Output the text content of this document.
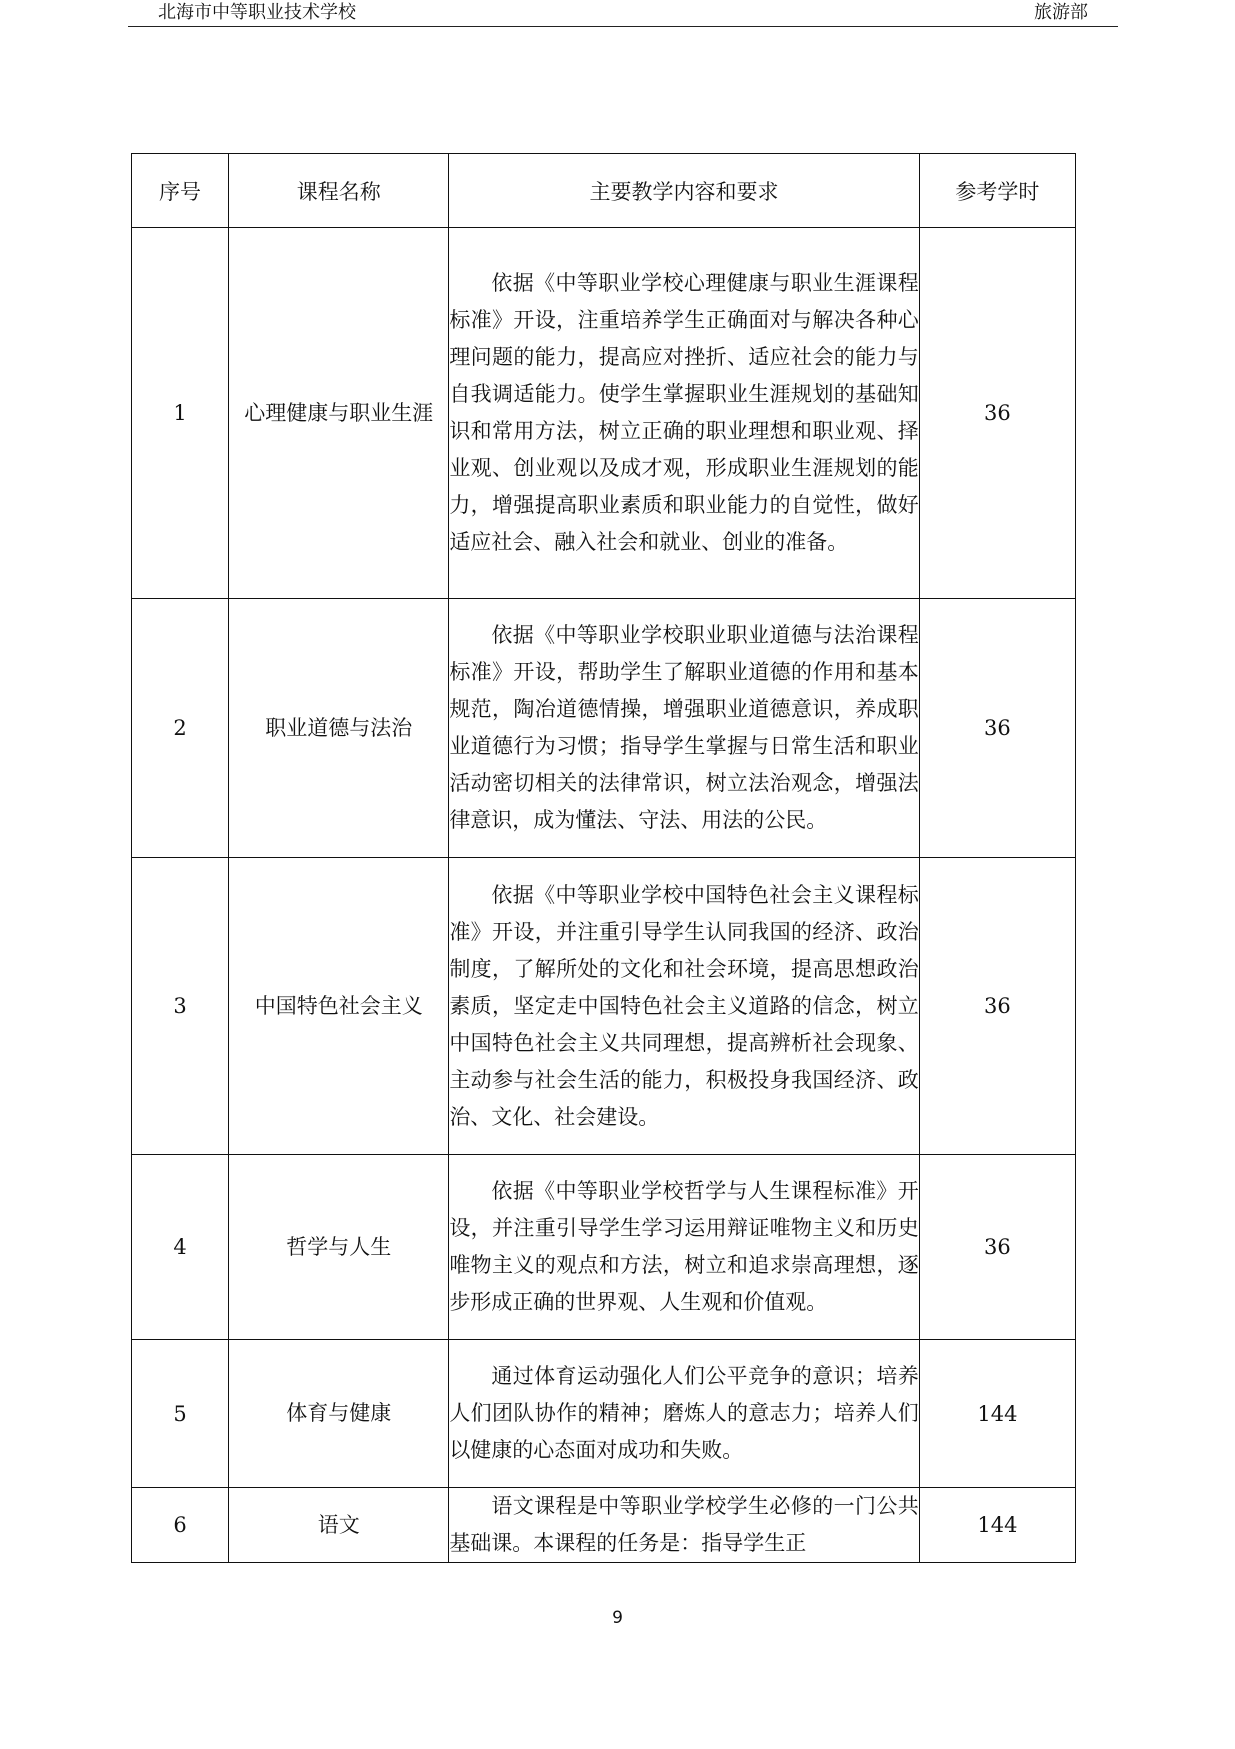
北海市中等职业技术学校	旅游部
序号	课程名称	主要教学内容和要求	参考学时
1	心理健康与职业生涯	依据《中等职业学校心理健康与职业生涯课程标准》开设，注重培养学生正确面对与解决各种心理问题的能力，提高应对挫折、适应社会的能力与自我调适能力。使学生掌握职业生涯规划的基础知识和常用方法，树立正确的职业理想和职业观、择业观、创业观以及成才观，形成职业生涯规划的能力，增强提高职业素质和职业能力的自觉性，做好适应社会、融入社会和就业、创业的准备。	36
2	职业道德与法治	依据《中等职业学校职业职业道德与法治课程标准》开设，帮助学生了解职业道德的作用和基本规范，陶冶道德情操，增强职业道德意识，养成职业道德行为习惯；指导学生掌握与日常生活和职业活动密切相关的法律常识，树立法治观念，增强法律意识，成为懂法、守法、用法的公民。	36
3	中国特色社会主义	依据《中等职业学校中国特色社会主义课程标准》开设，并注重引导学生认同我国的经济、政治制度，了解所处的文化和社会环境，提高思想政治素质，坚定走中国特色社会主义道路的信念，树立中国特色社会主义共同理想，提高辨析社会现象、主动参与社会生活的能力，积极投身我国经济、政治、文化、社会建设。	36
4	哲学与人生	依据《中等职业学校哲学与人生课程标准》开设，并注重引导学生学习运用辩证唯物主义和历史唯物主义的观点和方法，树立和追求崇高理想，逐步形成正确的世界观、人生观和价值观。	36
5	体育与健康	通过体育运动强化人们公平竞争的意识；培养人们团队协作的精神；磨炼人的意志力；培养人们以健康的心态面对成功和失败。	144
6	语文	语文课程是中等职业学校学生必修的一门公共基础课。本课程的任务是：指导学生正	144
9
